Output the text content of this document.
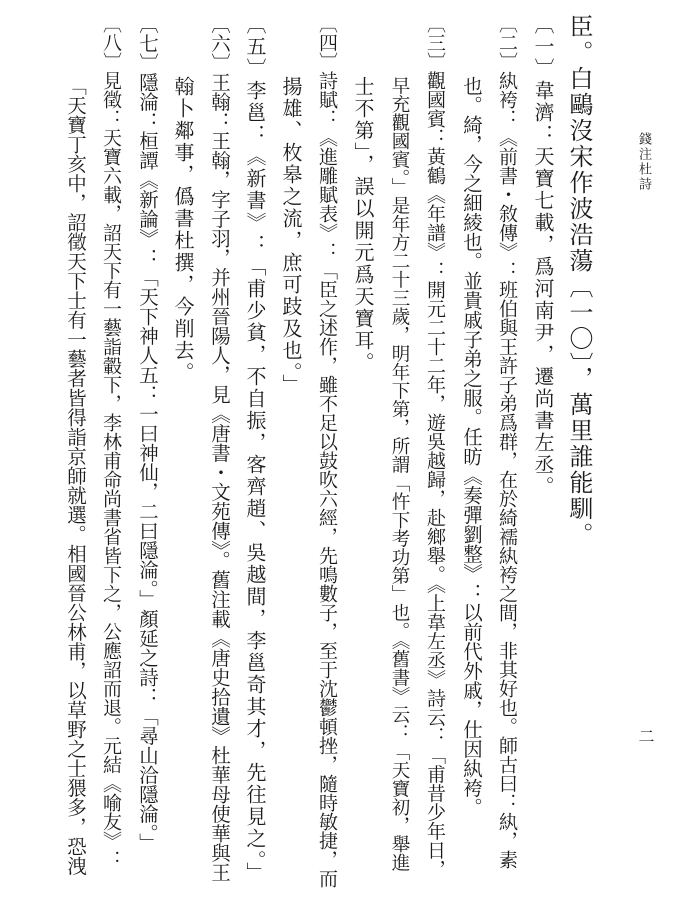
錢注杜詩
二
臣。白鷗沒宋作波浩蕩〔一〇〕，萬里誰能馴。
〔一〕韋濟：天寶七載，爲河南尹，遷尚書左丞。
〔二〕紈袴：《前書・敘傳》：班伯與王許子弟爲群，在於綺襦紈袴之間，非其好也。師古曰：紈，素
也。綺，今之細綾也。並貴戚子弟之服。任昉《奏彈劉整》：以前代外戚，仕因紈袴。
〔三〕觀國賓：黃鶴《年譜》：開元二十二年，遊吳越歸，赴鄉舉。《上韋左丞》詩云：「甫昔少年日，
早充觀國賓。」是年方二十三歲，明年下第，所謂「忤下考功第」也。《舊書》云：「天寶初，舉進
士不第」，誤以開元爲天寶耳。
〔四〕詩賦：《進雕賦表》：「臣之述作，雖不足以鼓吹六經，先鳴數子，至于沈鬱頓挫，隨時敏捷，而
揚雄、枚皋之流，庶可跂及也。」
〔五〕李邕：《新書》：「甫少貧，不自振，客齊趙、吳越間，李邕奇其才，先往見之。」
〔六〕王翰：王翰，字子羽，并州晉陽人，見《唐書・文苑傳》。舊注載《唐史拾遺》杜華母使華與王
翰卜鄰事，僞書杜撰，今削去。
〔七〕隱淪：桓譚《新論》：「天下神人五：一曰神仙，二曰隱淪。」顏延之詩：「尋山洽隱淪。」
〔八〕見徵：天寶六載，詔天下有一藝詣轂下，李林甫命尚書省皆下之，公應詔而退。元結《喻友》：
「天寶丁亥中，詔徵天下士有一藝者皆得詣京師就選。相國晉公林甫，以草野之士猥多，恐洩
